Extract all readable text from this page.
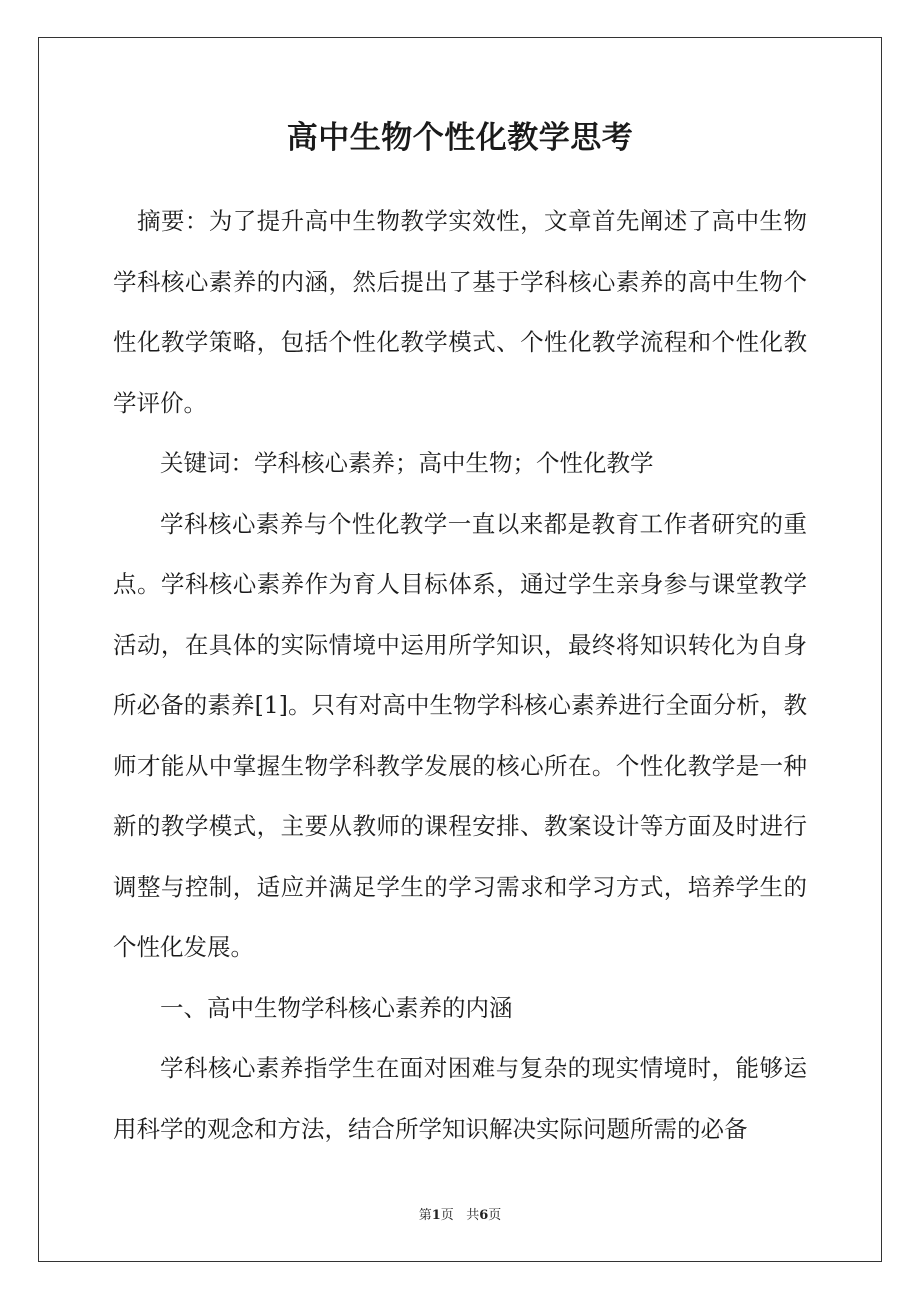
高中生物个性化教学思考

摘要：为了提升高中生物教学实效性，文章首先阐述了高中生物学科核心素养的内涵，然后提出了基于学科核心素养的高中生物个性化教学策略，包括个性化教学模式、个性化教学流程和个性化教学评价。

关键词：学科核心素养；高中生物；个性化教学

学科核心素养与个性化教学一直以来都是教育工作者研究的重点。学科核心素养作为育人目标体系，通过学生亲身参与课堂教学活动，在具体的实际情境中运用所学知识，最终将知识转化为自身所必备的素养[1]。只有对高中生物学科核心素养进行全面分析，教师才能从中掌握生物学科教学发展的核心所在。个性化教学是一种新的教学模式，主要从教师的课程安排、教案设计等方面及时进行调整与控制，适应并满足学生的学习需求和学习方式，培养学生的个性化发展。

一、高中生物学科核心素养的内涵

学科核心素养指学生在面对困难与复杂的现实情境时，能够运用科学的观念和方法，结合所学知识解决实际问题所需的必备

第1页 共6页
